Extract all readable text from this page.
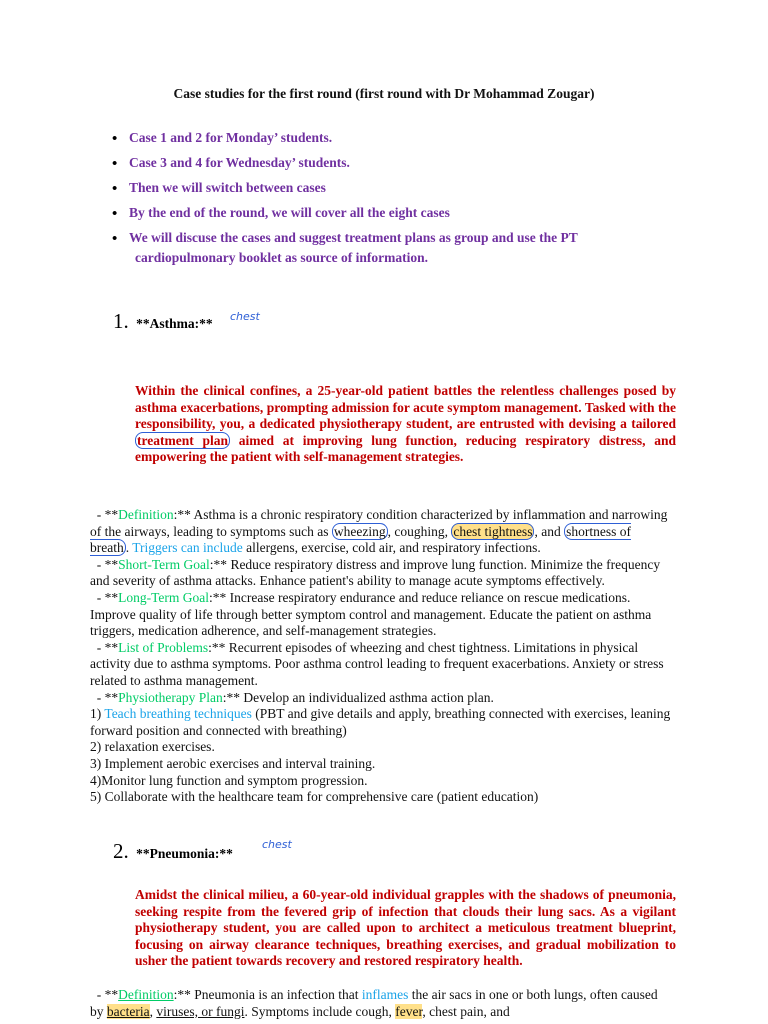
Case studies for the first round (first round with Dr Mohammad Zougar)
• Case 1 and 2 for Monday’ students.
• Case 3 and 4 for Wednesday’ students.
• Then we will switch between cases
• By the end of the round, we will cover all the eight cases
• We will discuse the cases and suggest treatment plans as group and use the PT
cardiopulmonary booklet as source of information.
1. **Asthma:** chest

Within the clinical confines, a 25-year-old patient battles the relentless challenges posed by asthma exacerbations, prompting admission for acute symptom management. Tasked with the responsibility, you, a dedicated physiotherapy student, are entrusted with devising a tailored treatment plan aimed at improving lung function, reducing respiratory distress, and empowering the patient with self-management strategies.

- **Definition:** Asthma is a chronic respiratory condition characterized by inflammation and narrowing of the airways, leading to symptoms such as wheezing , coughing, chest tightness , and shortness of breath . Triggers can include allergens, exercise, cold air, and respiratory infections.

- **Short-Term Goal:** Reduce respiratory distress and improve lung function. Minimize the frequency and severity of asthma attacks. Enhance patient's ability to manage acute symptoms effectively.

- **Long-Term Goal:** Increase respiratory endurance and reduce reliance on rescue medications. Improve quality of life through better symptom control and management. Educate the patient on asthma triggers, medication adherence, and self-management strategies.

- **List of Problems:** Recurrent episodes of wheezing and chest tightness. Limitations in physical activity due to asthma symptoms. Poor asthma control leading to frequent exacerbations. Anxiety or stress related to asthma management.

- **Physiotherapy Plan:** Develop an individualized asthma action plan.

1) Teach breathing techniques (PBT and give details and apply, breathing connected with exercises, leaning forward position and connected with breathing)

2) relaxation exercises.

3) Implement aerobic exercises and interval training.

4)Monitor lung function and symptom progression.

5) Collaborate with the healthcare team for comprehensive care (patient education)

2. **Pneumonia:**
chest

Amidst the clinical milieu, a 60-year-old individual grapples with the shadows of pneumonia, seeking respite from the fevered grip of infection that clouds their lung sacs. As a vigilant physiotherapy student, you are called upon to architect a meticulous treatment blueprint, focusing on airway clearance techniques, breathing exercises, and gradual mobilization to usher the patient towards recovery and restored respiratory health.

- **Definition:** Pneumonia is an infection that inflames the air sacs in one or both lungs, often caused by bacteria, viruses, or fungi. Symptoms include cough, fever, chest pain, and
